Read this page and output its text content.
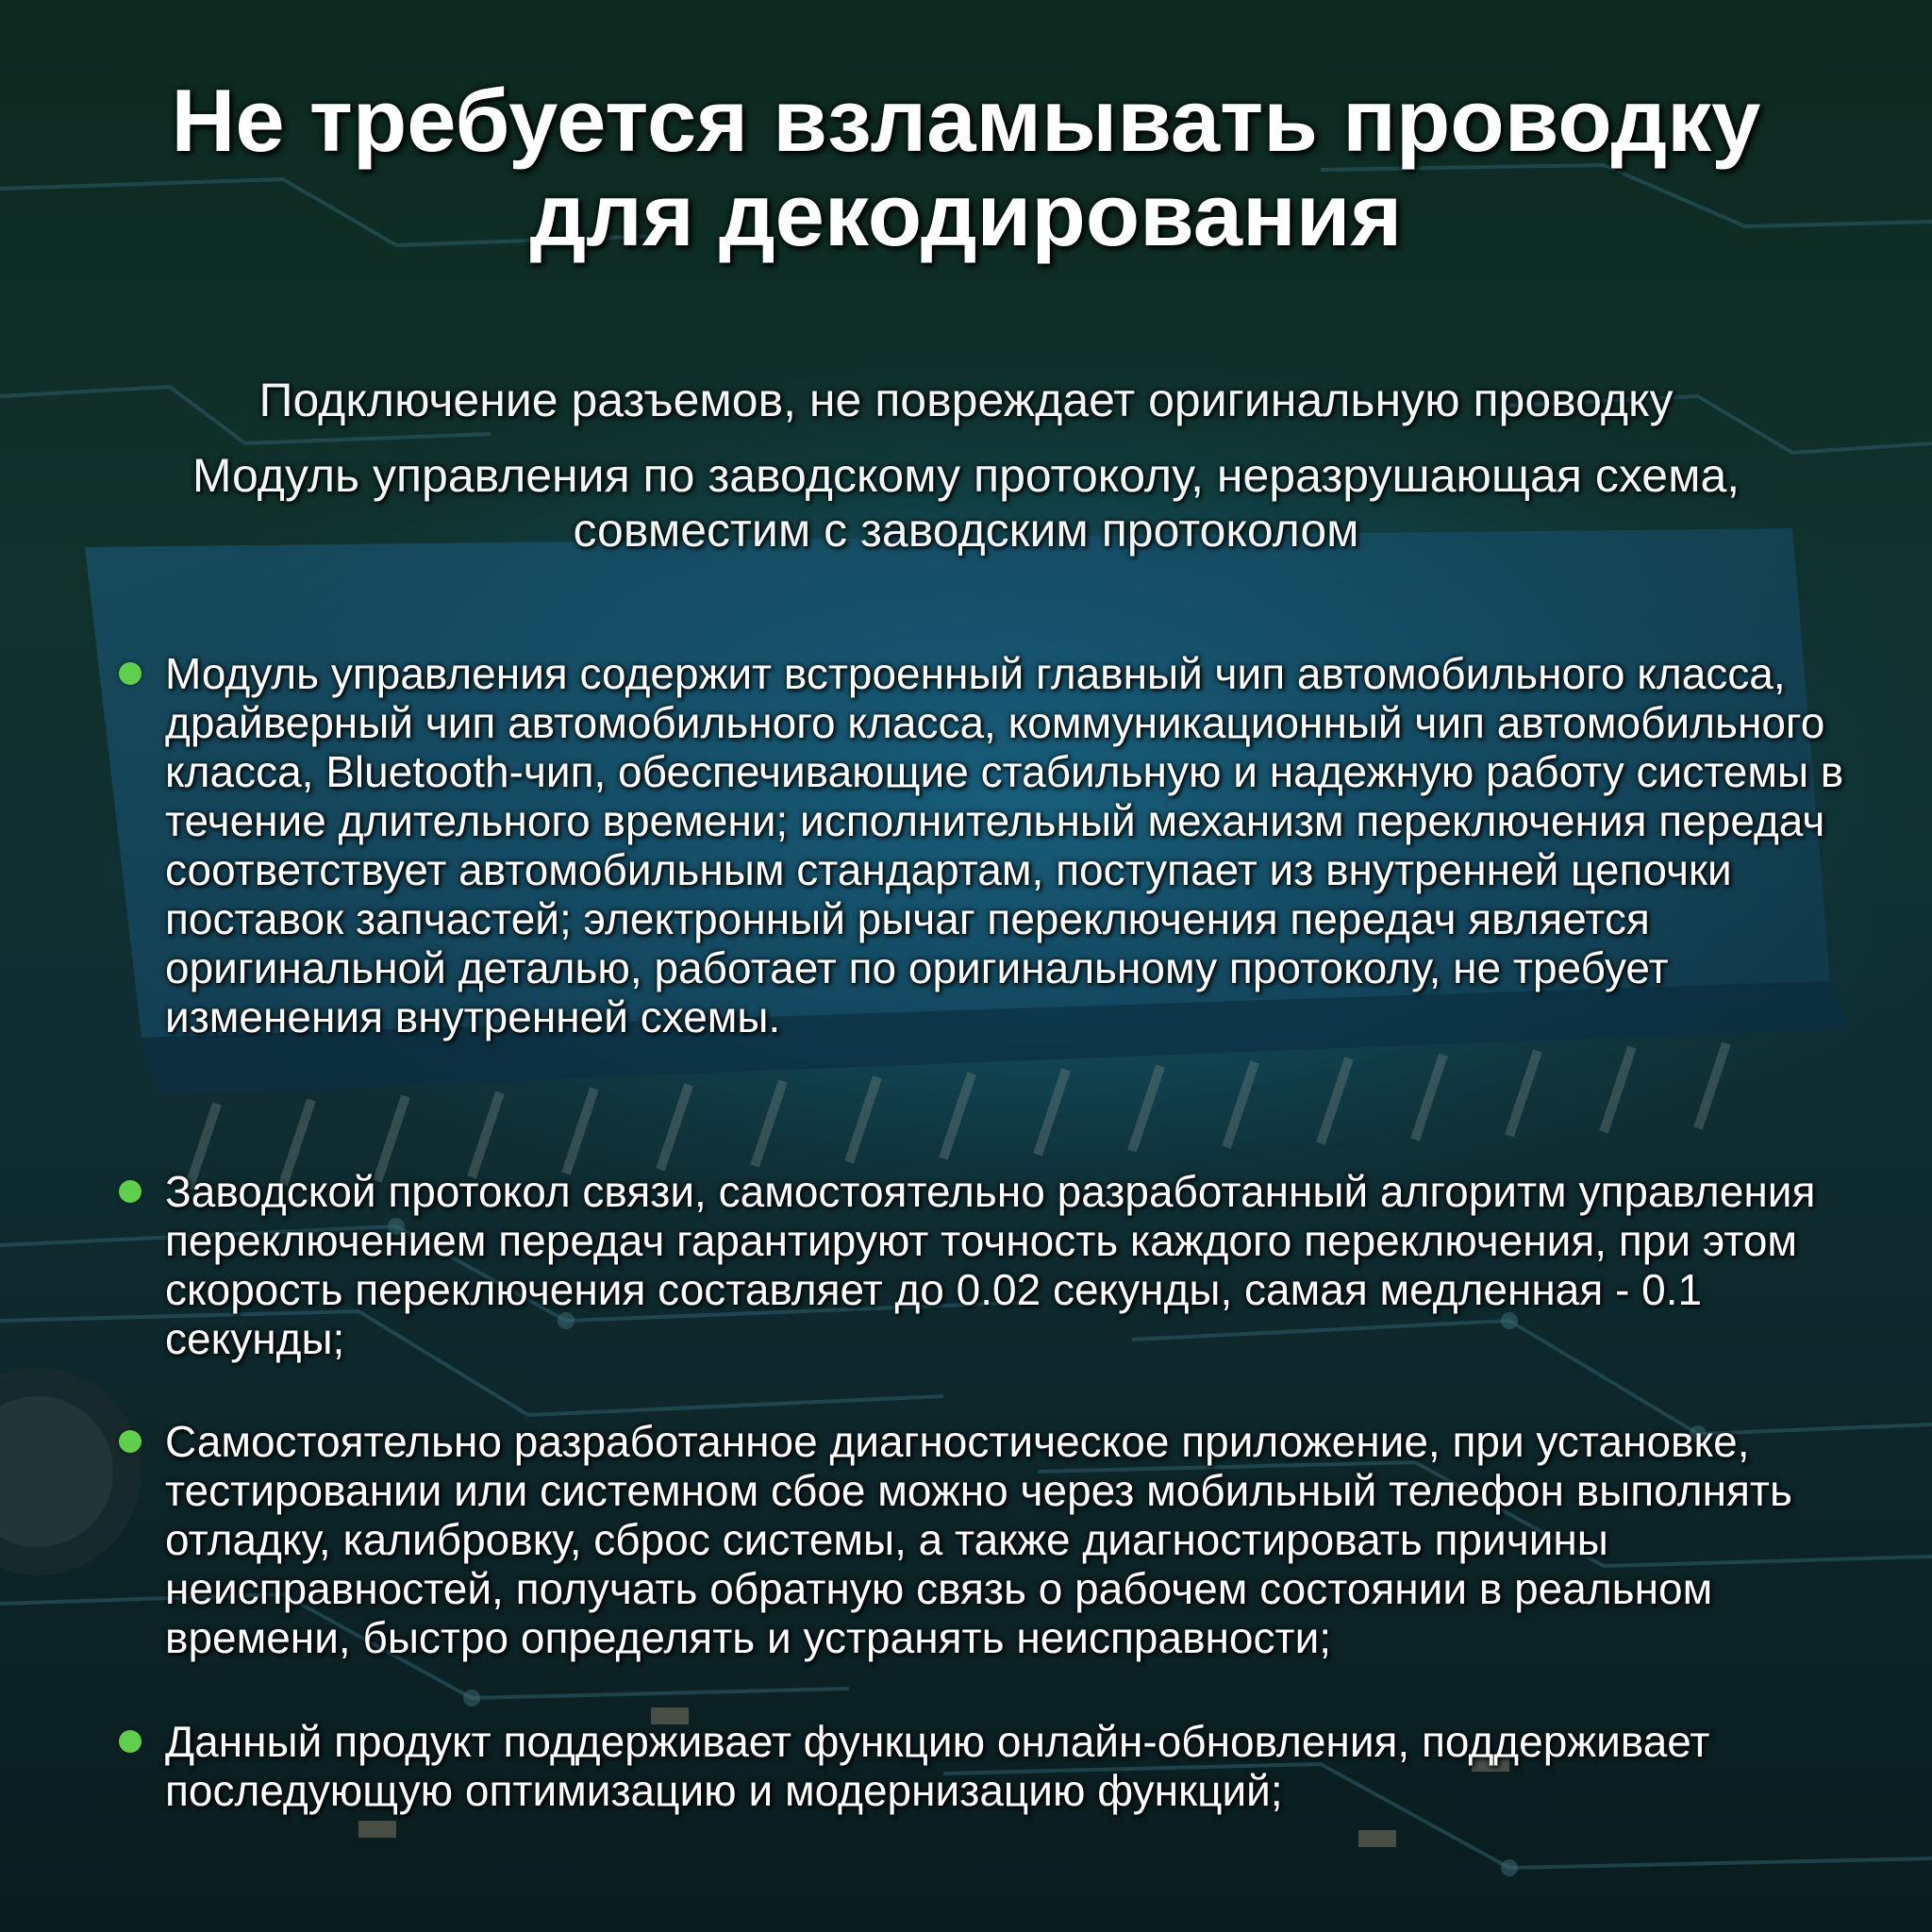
Не требуется взламывать проводку
для декодирования
Подключение разъемов, не повреждает оригинальную проводку
Модуль управления по заводскому протоколу, неразрушающая схема,
совместим с заводским протоколом
Модуль управления содержит встроенный главный чип автомобильного класса, драйверный чип автомобильного класса, коммуникационный чип автомобильного класса, Bluetooth-чип, обеспечивающие стабильную и надежную работу системы в течение длительного времени; исполнительный механизм переключения передач соответствует автомобильным стандартам, поступает из внутренней цепочки поставок запчастей; электронный рычаг переключения передач является оригинальной деталью, работает по оригинальному протоколу, не требует изменения внутренней схемы.
Заводской протокол связи, самостоятельно разработанный алгоритм управления переключением передач гарантируют точность каждого переключения, при этом скорость переключения составляет до 0.02 секунды, самая медленная - 0.1 секунды;
Самостоятельно разработанное диагностическое приложение, при установке, тестировании или системном сбое можно через мобильный телефон выполнять отладку, калибровку, сброс системы, а также диагностировать причины неисправностей, получать обратную связь о рабочем состоянии в реальном времени, быстро определять и устранять неисправности;
Данный продукт поддерживает функцию онлайн-обновления, поддерживает последующую оптимизацию и модернизацию функций;
